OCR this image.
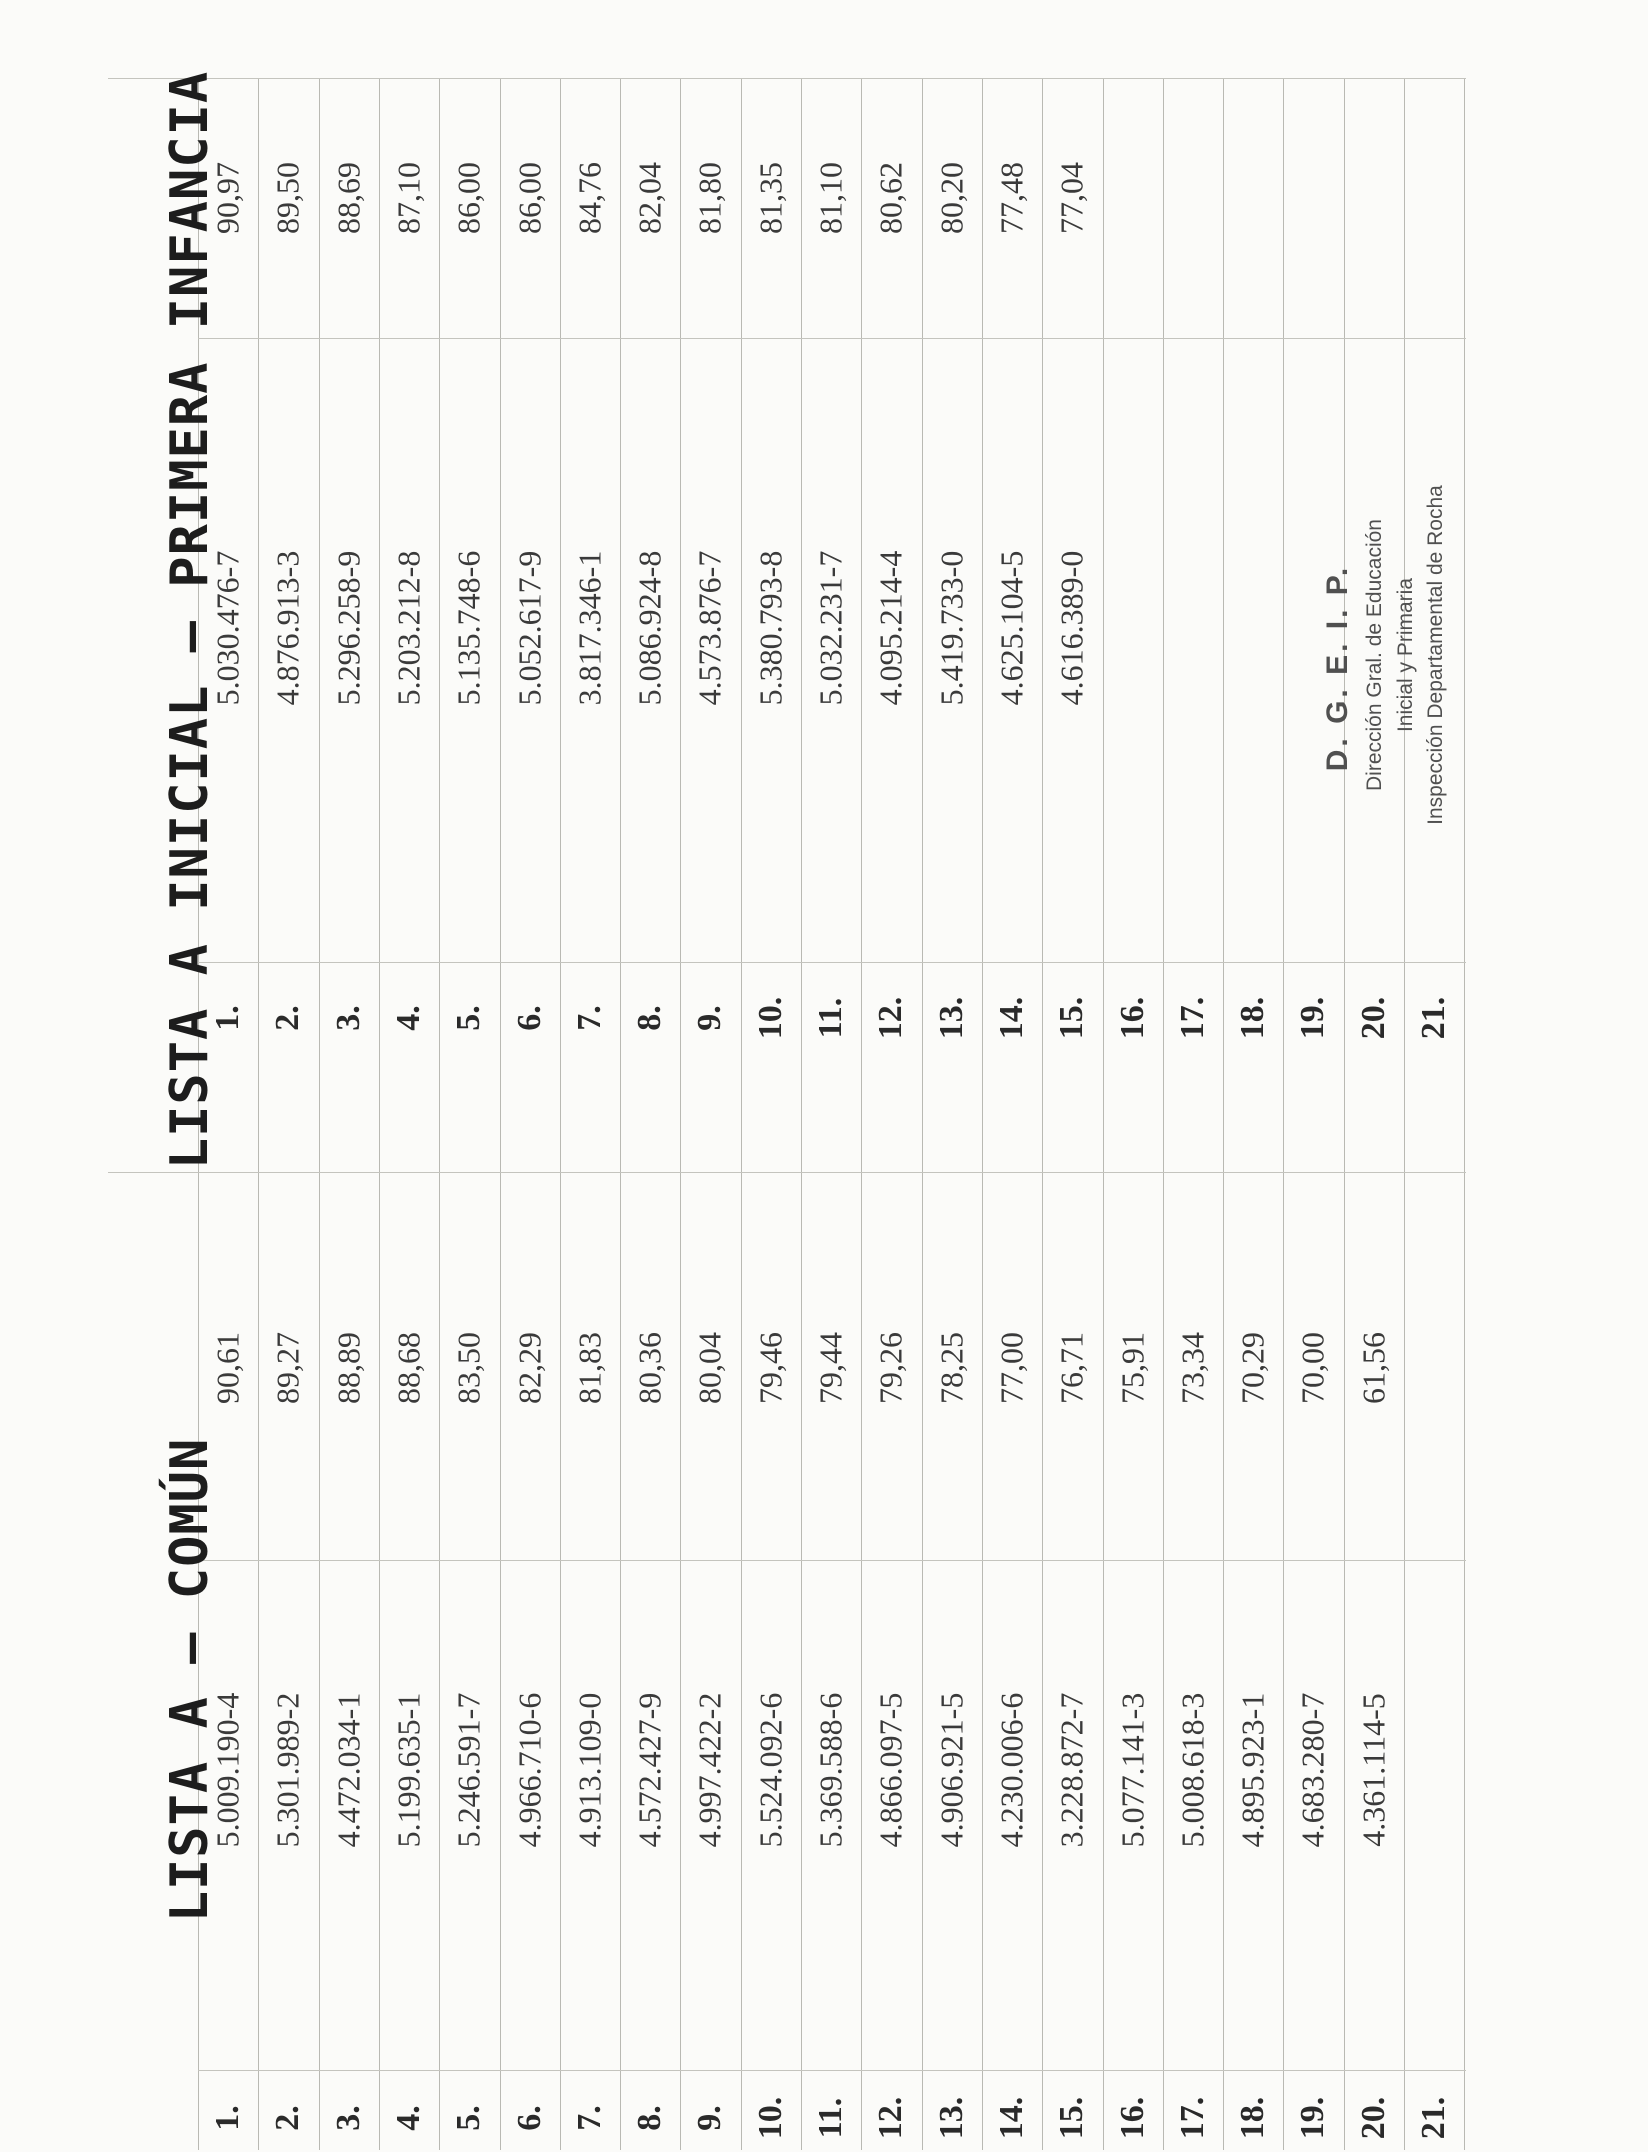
LISTA A – COMÚN
1.
5.009.190-4
90,61
2.
5.301.989-2
89,27
3.
4.472.034-1
88,89
4.
5.199.635-1
88,68
5.
5.246.591-7
83,50
6.
4.966.710-6
82,29
7.
4.913.109-0
81,83
8.
4.572.427-9
80,36
9.
4.997.422-2
80,04
10.
5.524.092-6
79,46
11.
5.369.588-6
79,44
12.
4.866.097-5
79,26
13.
4.906.921-5
78,25
14.
4.230.006-6
77,00
15.
3.228.872-7
76,71
16.
5.077.141-3
75,91
17.
5.008.618-3
73,34
18.
4.895.923-1
70,29
19.
4.683.280-7
70,00
20.
4.361.114-5
61,56
21.
LISTA A INICIAL – PRIMERA INFANCIA
1.
5.030.476-7
90,97
2.
4.876.913-3
89,50
3.
5.296.258-9
88,69
4.
5.203.212-8
87,10
5.
5.135.748-6
86,00
6.
5.052.617-9
86,00
7.
3.817.346-1
84,76
8.
5.086.924-8
82,04
9.
4.573.876-7
81,80
10.
5.380.793-8
81,35
11.
5.032.231-7
81,10
12.
4.095.214-4
80,62
13.
5.419.733-0
80,20
14.
4.625.104-5
77,48
15.
4.616.389-0
77,04
16. 17. 18. 19. 20. 21.
D. G. E. I. P. Dirección Gral. de Educación Inicial y Primaria Inspección Departamental de Rocha
